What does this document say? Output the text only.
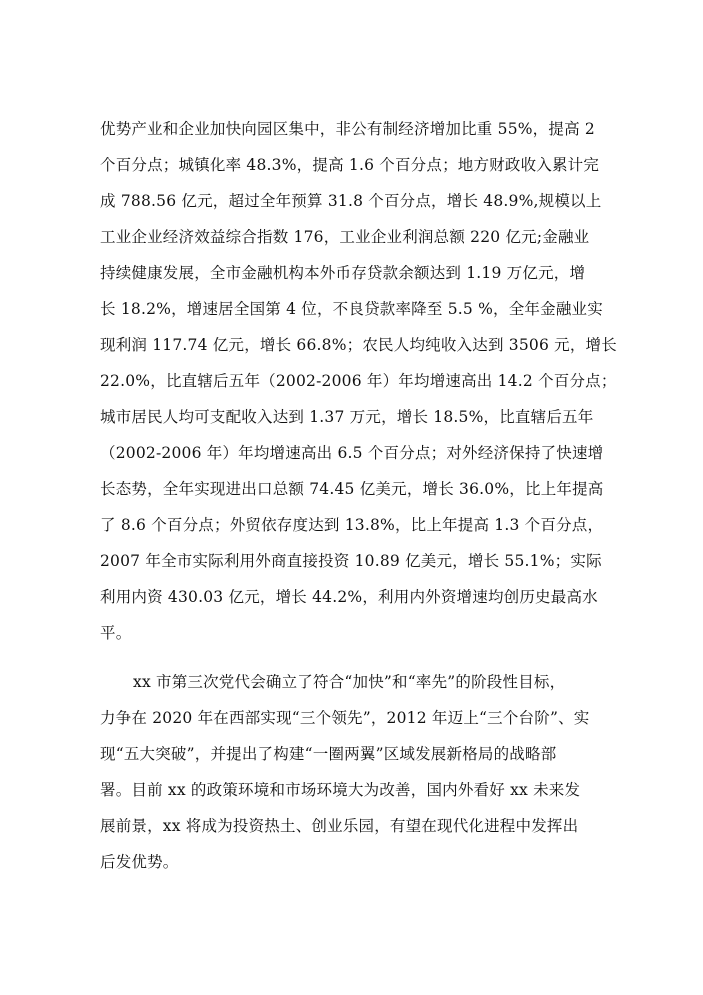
优势产业和企业加快向园区集中，非公有制经济增加比重 55%，提高 2
个百分点；城镇化率 48.3%，提高 1.6 个百分点；地方财政收入累计完
成 788.56 亿元，超过全年预算 31.8 个百分点，增长 48.9%,规模以上
工业企业经济效益综合指数 176，工业企业利润总额 220 亿元;金融业
持续健康发展，全市金融机构本外币存贷款余额达到 1.19 万亿元，增
长 18.2%，增速居全国第 4 位，不良贷款率降至 5.5 %，全年金融业实
现利润 117.74 亿元，增长 66.8%；农民人均纯收入达到 3506 元，增长
22.0%，比直辖后五年（2002-2006 年）年均增速高出 14.2 个百分点；
城市居民人均可支配收入达到 1.37 万元，增长 18.5%，比直辖后五年
（2002-2006 年）年均增速高出 6.5 个百分点；对外经济保持了快速增
长态势，全年实现进出口总额 74.45 亿美元，增长 36.0%，比上年提高
了 8.6 个百分点；外贸依存度达到 13.8%，比上年提高 1.3 个百分点，
2007 年全市实际利用外商直接投资 10.89 亿美元，增长 55.1%；实际
利用内资 430.03 亿元，增长 44.2%，利用内外资增速均创历史最高水
平。
xx 市第三次党代会确立了符合“加快”和“率先”的阶段性目标，
力争在 2020 年在西部实现“三个领先”，2012 年迈上“三个台阶”、实
现“五大突破”，并提出了构建“一圈两翼”区域发展新格局的战略部
署。目前 xx 的政策环境和市场环境大为改善，国内外看好 xx 未来发
展前景，xx 将成为投资热土、创业乐园，有望在现代化进程中发挥出
后发优势。
